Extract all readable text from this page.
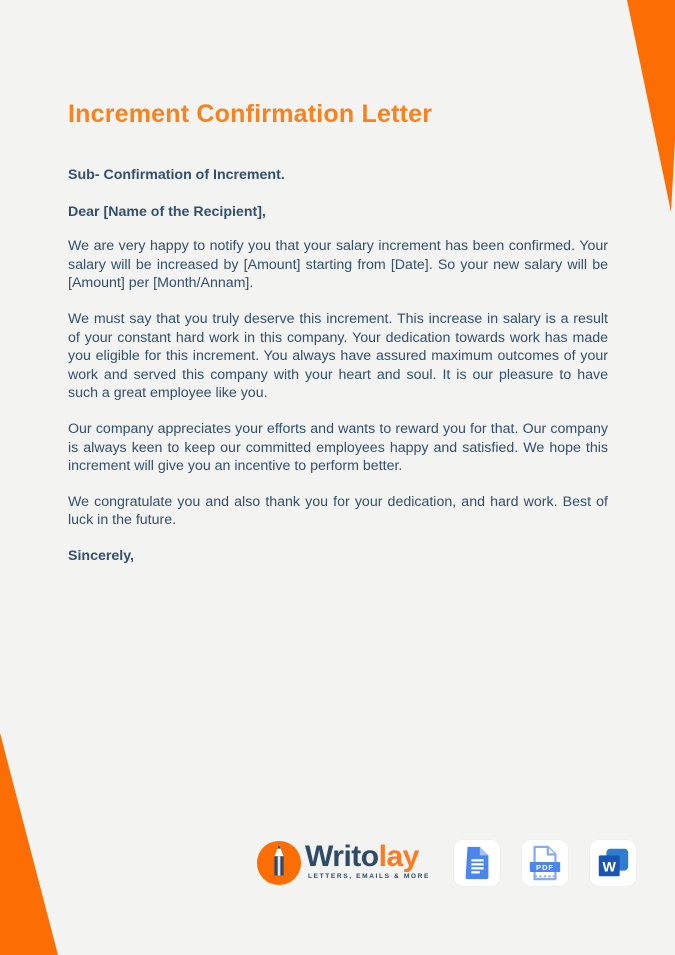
Increment Confirmation Letter

Sub- Confirmation of Increment.

Dear [Name of the Recipient],

We are very happy to notify you that your salary increment has been confirmed. Your salary will be increased by [Amount] starting from [Date]. So your new salary will be [Amount] per [Month/Annam].

We must say that you truly deserve this increment. This increase in salary is a result of your constant hard work in this company. Your dedication towards work has made you eligible for this increment. You always have assured maximum outcomes of your work and served this company with your heart and soul. It is our pleasure to have such a great employee like you.

Our company appreciates your efforts and wants to reward you for that. Our company is always keen to keep our committed employees happy and satisfied. We hope this increment will give you an incentive to perform better.

We congratulate you and also thank you for your dedication, and hard work. Best of luck in the future.

Sincerely,

Writolay
LETTERS, EMAILS & MORE
PDF	W
